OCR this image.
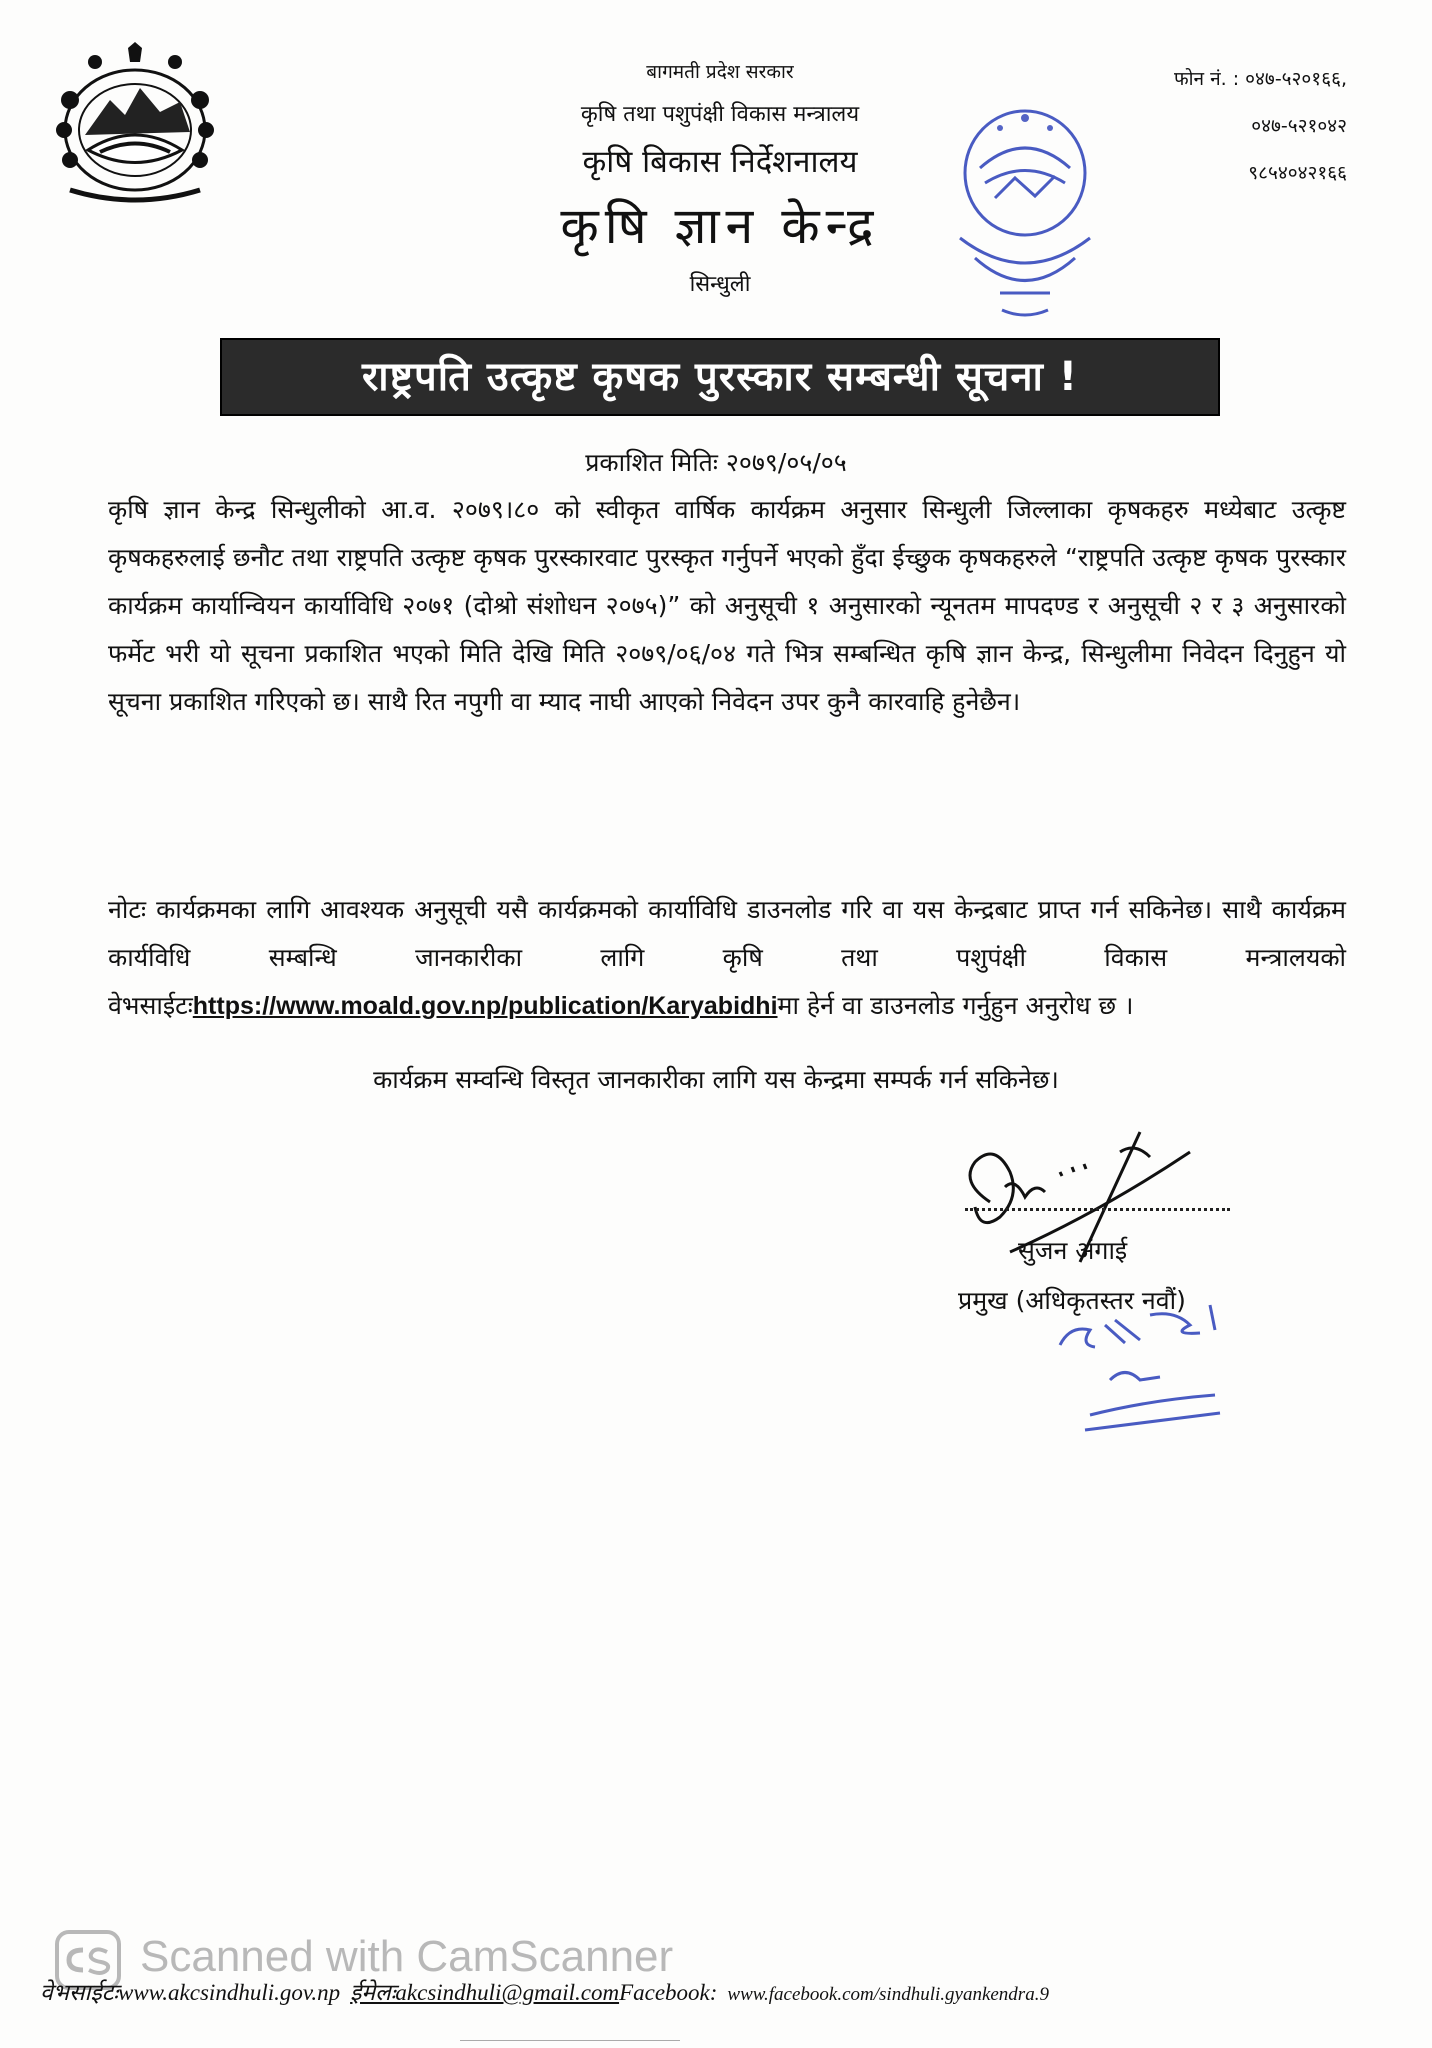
बागमती प्रदेश सरकार
कृषि तथा पशुपंक्षी विकास मन्त्रालय
कृषि बिकास निर्देशनालय
कृषि ज्ञान केन्द्र
सिन्धुली
फोन नं. : ०४७-५२०१६६,
०४७-५२१०४२
९८५४०४२१६६
राष्ट्रपति उत्कृष्ट कृषक पुरस्कार सम्बन्धी सूचना !
प्रकाशित मितिः २०७९/०५/०५
कृषि ज्ञान केन्द्र सिन्धुलीको आ.व. २०७९।८० को स्वीकृत वार्षिक कार्यक्रम अनुसार सिन्धुली जिल्लाका कृषकहरु मध्येबाट उत्कृष्ट कृषकहरुलाई छनौट तथा राष्ट्रपति उत्कृष्ट कृषक पुरस्कारवाट पुरस्कृत गर्नुपर्ने भएको हुँदा ईच्छुक कृषकहरुले “राष्ट्रपति उत्कृष्ट कृषक पुरस्कार कार्यक्रम कार्यान्वियन कार्याविधि २०७१ (दोश्रो संशोधन २०७५)” को अनुसूची १ अनुसारको न्यूनतम मापदण्ड र अनुसूची २ र ३ अनुसारको फर्मेट भरी यो सूचना प्रकाशित भएको मिति देखि मिति २०७९/०६/०४ गते भित्र सम्बन्धित कृषि ज्ञान केन्द्र, सिन्धुलीमा निवेदन दिनुहुन यो सूचना प्रकाशित गरिएको छ। साथै रित नपुगी वा म्याद नाघी आएको निवेदन उपर कुनै कारवाहि हुनेछैन।
नोटः कार्यक्रमका लागि आवश्यक अनुसूची यसै कार्यक्रमको कार्याविधि डाउनलोड गरि वा यस केन्द्रबाट प्राप्त गर्न सकिनेछ। साथै कार्यक्रम कार्यविधि सम्बन्धि जानकारीका लागि कृषि तथा पशुपंक्षी विकास मन्त्रालयको वेभसाईटःhttps://www.moald.gov.np/publication/Karyabidhiमा हेर्न वा डाउनलोड गर्नुहुन अनुरोध छ ।
कार्यक्रम सम्वन्धि विस्तृत जानकारीका लागि यस केन्द्रमा सम्पर्क गर्न सकिनेछ।
सुजन अंगाई
प्रमुख (अधिकृतस्तर नवौं)
Scanned with CamScanner
वेभसाईटःwww.akcsindhuli.gov.np ईमेलःakcsindhuli@gmail.comFacebook: www.facebook.com/sindhuli.gyankendra.9
